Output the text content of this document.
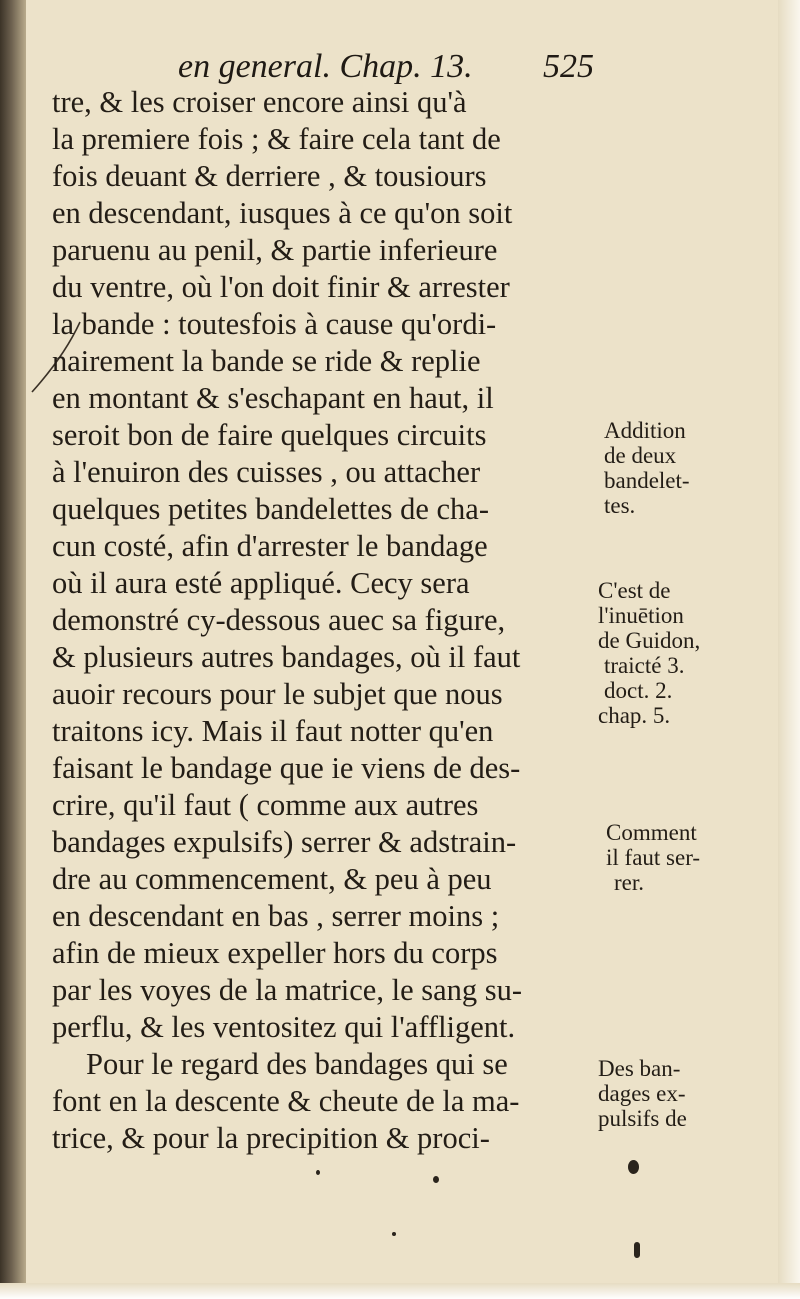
en general. Chap. 13. 525
tre, & les croiser encore ainsi qu'à
la premiere fois ; & faire cela tant de
fois deuant & derriere , & tousiours
en descendant, iusques à ce qu'on soit
paruenu au penil, & partie inferieure
du ventre, où l'on doit finir & arrester
la bande : toutesfois à cause qu'ordi-
nairement la bande se ride & replie
en montant & s'eschapant en haut, il
seroit bon de faire quelques circuits
à l'enuiron des cuisses , ou attacher
quelques petites bandelettes de cha-
cun costé, afin d'arrester le bandage
où il aura esté appliqué. Cecy sera
demonstré cy-dessous auec sa figure,
& plusieurs autres bandages, où il faut
auoir recours pour le subjet que nous
traitons icy. Mais il faut notter qu'en
faisant le bandage que ie viens de des-
crire, qu'il faut ( comme aux autres
bandages expulsifs) serrer & adstrain-
dre au commencement, & peu à peu
en descendant en bas , serrer moins ;
afin de mieux expeller hors du corps
par les voyes de la matrice, le sang su-
perflu, & les ventositez qui l'affligent.
Pour le regard des bandages qui se
font en la descente & cheute de la ma-
trice, & pour la precipition & proci-
Addition
de deux
bandelet-
tes.
C'est de
l'inuētion
de Guidon,
traicté 3.
doct. 2.
chap. 5.
Comment
il faut ser-
rer.
Des ban-
dages ex-
pulsifs de
